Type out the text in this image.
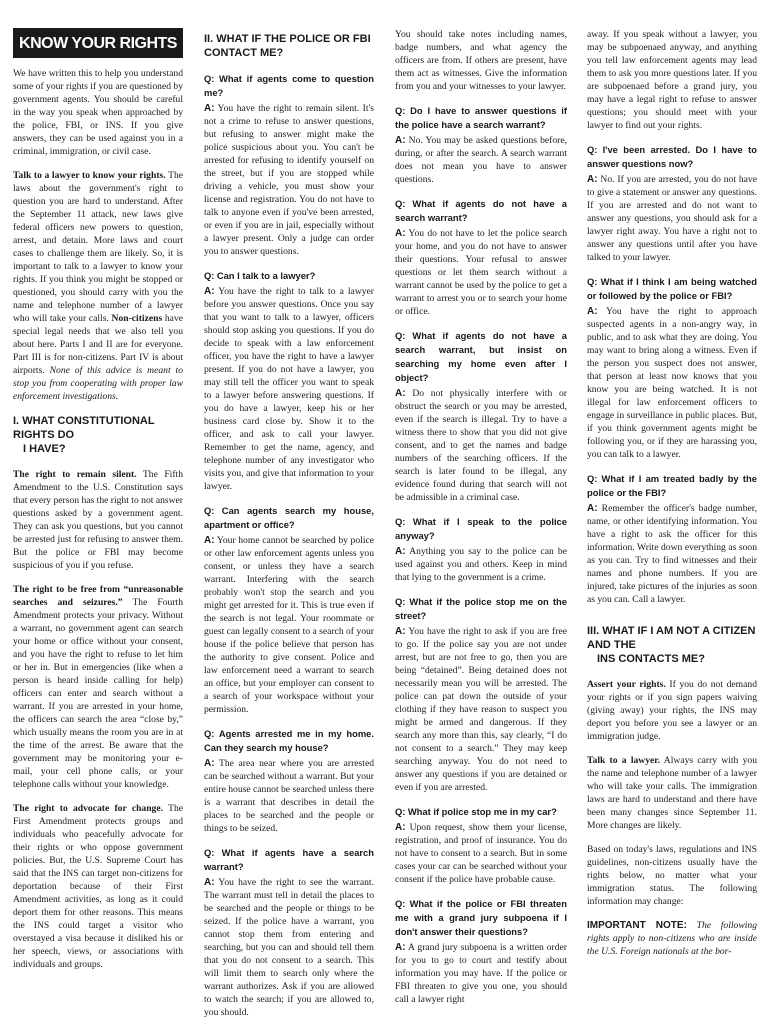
KNOW YOUR RIGHTS

We have written this to help you understand some of your rights if you are questioned by government agents. You should be careful in the way you speak when approached by the police, FBI, or INS. If you give answers, they can be used against you in a criminal, immigration, or civil case.

Talk to a lawyer to know your rights. The laws about the government's right to question you are hard to understand. After the September 11 attack, new laws give federal officers new powers to question, arrest, and detain. More laws and court cases to challenge them are likely. So, it is important to talk to a lawyer to know your rights. If you think you might be stopped or questioned, you should carry with you the name and telephone number of a lawyer who will take your calls. Non-citizens have special legal needs that we also tell you about here. Parts I and II are for everyone. Part III is for non-citizens. Part IV is about airports. None of this advice is meant to stop you from cooperating with proper law enforcement investigations.

I. WHAT CONSTITUTIONAL RIGHTS DO
I HAVE?

The right to remain silent. The Fifth Amendment to the U.S. Constitution says that every person has the right to not answer questions asked by a government agent. They can ask you questions, but you cannot be arrested just for refusing to answer them. But the police or FBI may become suspicious of you if you refuse.

The right to be free from “unreasonable searches and seizures.” The Fourth Amendment protects your privacy. Without a warrant, no government agent can search your home or office without your consent, and you have the right to refuse to let him or her in. But in emergencies (like when a person is heard inside calling for help) officers can enter and search without a warrant. If you are arrested in your home, the officers can search the area “close by,” which usually means the room you are in at the time of the arrest. Be aware that the government may be monitoring your e-mail, your cell phone calls, or your telephone calls without your knowledge.

The right to advocate for change. The First Amendment protects groups and individuals who peacefully advocate for their rights or who oppose government policies. But, the U.S. Supreme Court has said that the INS can target non-citizens for deportation because of their First Amendment activities, as long as it could deport them for other reasons. This means the INS could target a visitor who overstayed a visa because it disliked his or her speech, views, or associations with individuals and groups.

II. WHAT IF THE POLICE OR FBI CONTACT ME?

Q: What if agents come to question me?

A: You have the right to remain silent. It's not a crime to refuse to answer questions, but refusing to answer might make the police suspicious about you. You can't be arrested for refusing to identify yourself on the street, but if you are stopped while driving a vehicle, you must show your license and registration. You do not have to talk to anyone even if you've been arrested, or even if you are in jail, especially without a lawyer present. Only a judge can order you to answer questions.

Q: Can I talk to a lawyer?

A: You have the right to talk to a lawyer before you answer questions. Once you say that you want to talk to a lawyer, officers should stop asking you questions. If you do decide to speak with a law enforcement officer, you have the right to have a lawyer present. If you do not have a lawyer, you may still tell the officer you want to speak to a lawyer before answering questions. If you do have a lawyer, keep his or her business card close by. Show it to the officer, and ask to call your lawyer. Remember to get the name, agency, and telephone number of any investigator who visits you, and give that information to your lawyer.

Q: Can agents search my house, apartment or office?

A: Your home cannot be searched by police or other law enforcement agents unless you consent, or unless they have a search warrant. Interfering with the search probably won't stop the search and you might get arrested for it. This is true even if the search is not legal. Your roommate or guest can legally consent to a search of your house if the police believe that person has the authority to give consent. Police and law enforcement need a warrant to search an office, but your employer can consent to a search of your workspace without your permission.

Q: Agents arrested me in my home. Can they search my house?

A: The area near where you are arrested can be searched without a warrant. But your entire house cannot be searched unless there is a warrant that describes in detail the places to be searched and the people or things to be seized.

Q: What if agents have a search warrant?

A: You have the right to see the warrant. The warrant must tell in detail the places to be searched and the people or things to be seized. If the police have a warrant, you cannot stop them from entering and searching, but you can and should tell them that you do not consent to a search. This will limit them to search only where the warrant authorizes. Ask if you are allowed to watch the search; if you are allowed to, you should.

You should take notes including names, badge numbers, and what agency the officers are from. If others are present, have them act as witnesses. Give the information from you and your witnesses to your lawyer.

Q: Do I have to answer questions if the police have a search warrant?

A: No. You may be asked questions before, during, or after the search. A search warrant does not mean you have to answer questions.

Q: What if agents do not have a search warrant?

A: You do not have to let the police search your home, and you do not have to answer their questions. Your refusal to answer questions or let them search without a warrant cannot be used by the police to get a warrant to arrest you or to search your home or office.

Q: What if agents do not have a search warrant, but insist on searching my home even after I object?

A: Do not physically interfere with or obstruct the search or you may be arrested, even if the search is illegal. Try to have a witness there to show that you did not give consent, and to get the names and badge numbers of the searching officers. If the search is later found to be illegal, any evidence found during that search will not be admissible in a criminal case.

Q: What if I speak to the police anyway?

A: Anything you say to the police can be used against you and others. Keep in mind that lying to the government is a crime.

Q: What if the police stop me on the street?

A: You have the right to ask if you are free to go. If the police say you are not under arrest, but are not free to go, then you are being “detained”. Being detained does not necessarily mean you will be arrested. The police can pat down the outside of your clothing if they have reason to suspect you might be armed and dangerous. If they search any more than this, say clearly, “I do not consent to a search.” They may keep searching anyway. You do not need to answer any questions if you are detained or even if you are arrested.

Q: What if police stop me in my car?

A: Upon request, show them your license, registration, and proof of insurance. You do not have to consent to a search. But in some cases your car can be searched without your consent if the police have probable cause.

Q: What if the police or FBI threaten me with a grand jury subpoena if I don't answer their questions?

A: A grand jury subpoena is a written order for you to go to court and testify about information you may have. If the police or FBI threaten to give you one, you should call a lawyer right

away. If you speak without a lawyer, you may be subpoenaed anyway, and anything you tell law enforcement agents may lead them to ask you more questions later. If you are subpoenaed before a grand jury, you may have a legal right to refuse to answer questions; you should meet with your lawyer to find out your rights.

Q: I've been arrested. Do I have to answer questions now?

A: No. If you are arrested, you do not have to give a statement or answer any questions. If you are arrested and do not want to answer any questions, you should ask for a lawyer right away. You have a right not to answer any questions until after you have talked to your lawyer.

Q: What if I think I am being watched or followed by the police or FBI?

A: You have the right to approach suspected agents in a non-angry way, in public, and to ask what they are doing. You may want to bring along a witness. Even if the person you suspect does not answer, that person at least now knows that you know you are being watched. It is not illegal for law enforcement officers to engage in surveillance in public places. But, if you think government agents might be following you, or if they are harassing you, you can talk to a lawyer.

Q: What if I am treated badly by the police or the FBI?

A: Remember the officer's badge number, name, or other identifying information. You have a right to ask the officer for this information. Write down everything as soon as you can. Try to find witnesses and their names and phone numbers. If you are injured, take pictures of the injuries as soon as you can. Call a lawyer.

III. WHAT IF I AM NOT A CITIZEN AND THE
INS CONTACTS ME?

Assert your rights. If you do not demand your rights or if you sign papers waiving (giving away) your rights, the INS may deport you before you see a lawyer or an immigration judge.

Talk to a lawyer. Always carry with you the name and telephone number of a lawyer who will take your calls. The immigration laws are hard to understand and there have been many changes since September 11. More changes are likely.

Based on today's laws, regulations and INS guidelines, non-citizens usually have the rights below, no matter what your immigration status. The following information may change:

IMPORTANT NOTE: The following rights apply to non-citizens who are inside the U.S. Foreign nationals at the bor-
